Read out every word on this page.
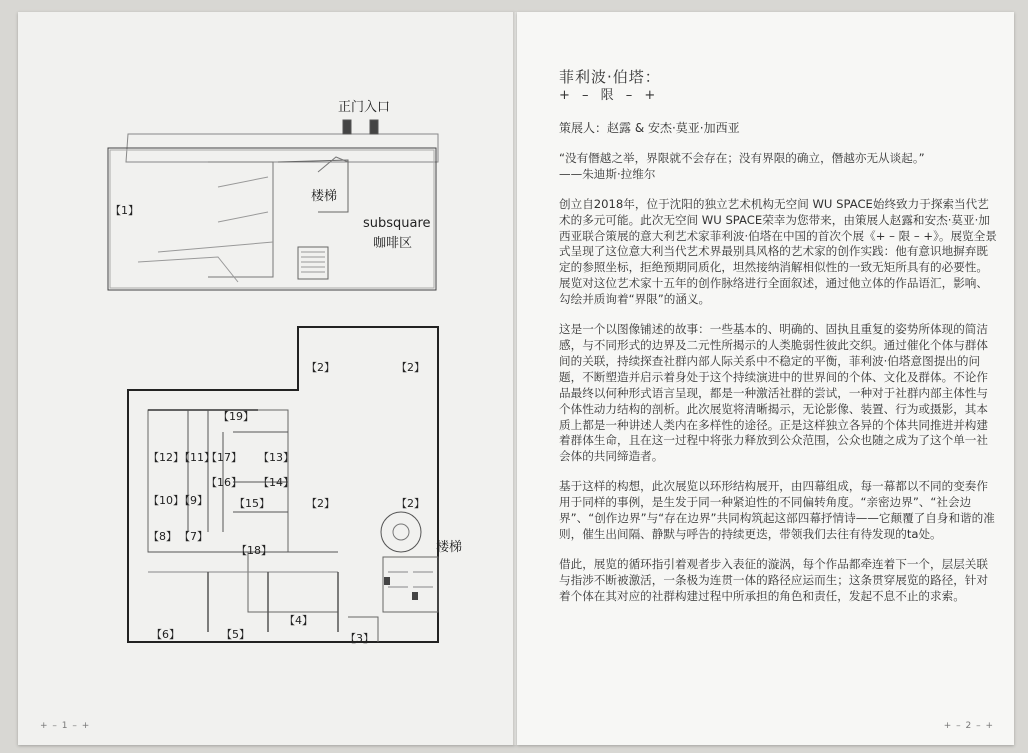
正门入口
楼梯
subsquare
咖啡区
楼梯
【1】
【2】	【2】
【2】	【2】
【19】
【12】
【11】
【17】 【13】
【16】 【14】
【10】
【9】 【15】
【8】 【7】
【18】
【6】	【5】
【4】
【3】
+ – 1 – +
菲利波·伯塔：
+ – 限 – +
策展人：赵露 & 安杰·莫亚·加西亚
“没有僭越之举，界限就不会存在；没有界限的确立，僭越亦无从谈起。”
——朱迪斯·拉维尔
创立自2018年，位于沈阳的独立艺术机构无空间 WU SPACE始终致力于探索当代艺术的多元可能。此次无空间 WU SPACE荣幸为您带来，由策展人赵露和安杰·莫亚·加西亚联合策展的意大利艺术家菲利波·伯塔在中国的首次个展《+ – 限 – +》。展览全景式呈现了这位意大利当代艺术界最别具风格的艺术家的创作实践：他有意识地摒弃既定的参照坐标，拒绝预期同质化，坦然接纳消解相似性的一致无矩所具有的必要性。展览对这位艺术家十五年的创作脉络进行全面叙述，通过他立体的作品语汇，影响、勾绘并质询着“界限”的涵义。
这是一个以图像铺述的故事：一些基本的、明确的、固执且重复的姿势所体现的简洁感，与不同形式的边界及二元性所揭示的人类脆弱性彼此交织。通过催化个体与群体间的关联，持续探查社群内部人际关系中不稳定的平衡，菲利波·伯塔意图提出的问题，不断塑造并启示着身处于这个持续演进中的世界间的个体、文化及群体。不论作品最终以何种形式语言呈现，都是一种激活社群的尝试，一种对于社群内部主体性与个体性动力结构的剖析。此次展览将清晰揭示，无论影像、装置、行为或摄影，其本质上都是一种讲述人类内在多样性的途径。正是这样独立各异的个体共同推进并构建着群体生命，且在这一过程中将张力释放到公众范围，公众也随之成为了这个单一社会体的共同缔造者。
基于这样的构想，此次展览以环形结构展开，由四幕组成，每一幕都以不同的变奏作用于同样的事例，是生发于同一种紧迫性的不同偏转角度。“亲密边界”、“社会边界”、“创作边界”与“存在边界”共同构筑起这部四幕抒情诗——它颠覆了自身和谐的准则，催生出间隔、静默与呼告的持续更迭，带领我们去往有待发现的ta处。
借此，展览的循环指引着观者步入表征的漩涡，每个作品都牵连着下一个，层层关联与指涉不断被激活，一条极为连贯一体的路径应运而生；这条贯穿展览的路径，针对着个体在其对应的社群构建过程中所承担的角色和责任，发起不息不止的求索。
+ – 2 – +
